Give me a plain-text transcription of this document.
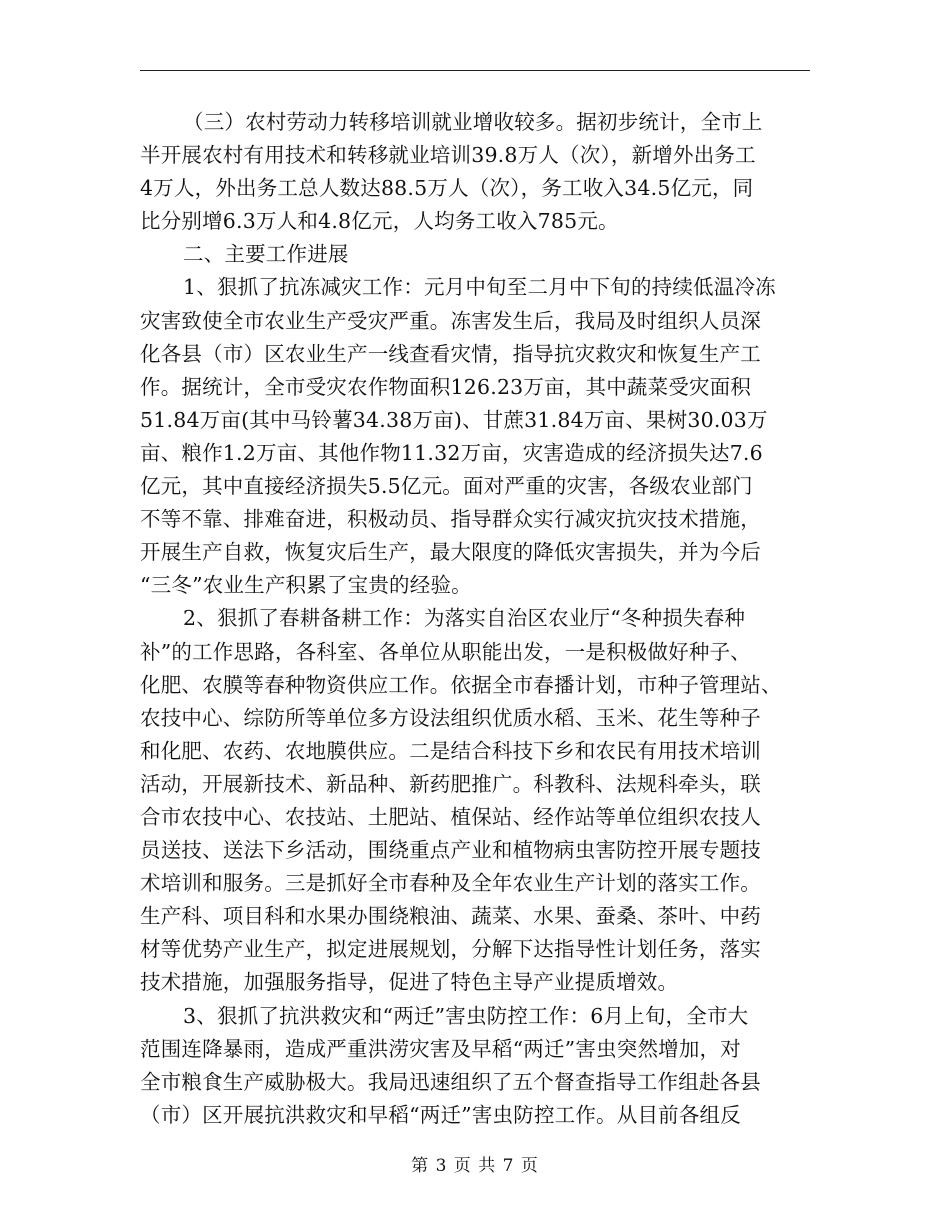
（三）农村劳动力转移培训就业增收较多。据初步统计，全市上
半开展农村有用技术和转移就业培训39.8万人（次），新增外出务工
4万人，外出务工总人数达88.5万人（次），务工收入34.5亿元，同
比分别增6.3万人和4.8亿元，人均务工收入785元。
二、主要工作进展
1、狠抓了抗冻减灾工作：元月中旬至二月中下旬的持续低温冷冻
灾害致使全市农业生产受灾严重。冻害发生后，我局及时组织人员深
化各县（市）区农业生产一线查看灾情，指导抗灾救灾和恢复生产工
作。据统计，全市受灾农作物面积126.23万亩，其中蔬菜受灾面积
51.84万亩(其中马铃薯34.38万亩)、甘蔗31.84万亩、果树30.03万
亩、粮作1.2万亩、其他作物11.32万亩，灾害造成的经济损失达7.6
亿元，其中直接经济损失5.5亿元。面对严重的灾害，各级农业部门
不等不靠、排难奋进，积极动员、指导群众实行减灾抗灾技术措施，
开展生产自救，恢复灾后生产，最大限度的降低灾害损失，并为今后
“三冬”农业生产积累了宝贵的经验。
2、狠抓了春耕备耕工作：为落实自治区农业厅“冬种损失春种
补”的工作思路，各科室、各单位从职能出发，一是积极做好种子、
化肥、农膜等春种物资供应工作。依据全市春播计划，市种子管理站、
农技中心、综防所等单位多方设法组织优质水稻、玉米、花生等种子
和化肥、农药、农地膜供应。二是结合科技下乡和农民有用技术培训
活动，开展新技术、新品种、新药肥推广。科教科、法规科牵头，联
合市农技中心、农技站、土肥站、植保站、经作站等单位组织农技人
员送技、送法下乡活动，围绕重点产业和植物病虫害防控开展专题技
术培训和服务。三是抓好全市春种及全年农业生产计划的落实工作。
生产科、项目科和水果办围绕粮油、蔬菜、水果、蚕桑、茶叶、中药
材等优势产业生产，拟定进展规划，分解下达指导性计划任务，落实
技术措施，加强服务指导，促进了特色主导产业提质增效。
3、狠抓了抗洪救灾和“两迁”害虫防控工作：6月上旬，全市大
范围连降暴雨，造成严重洪涝灾害及早稻“两迁”害虫突然增加，对
全市粮食生产威胁极大。我局迅速组织了五个督查指导工作组赴各县
（市）区开展抗洪救灾和早稻“两迁”害虫防控工作。从目前各组反
第 3 页 共 7 页
